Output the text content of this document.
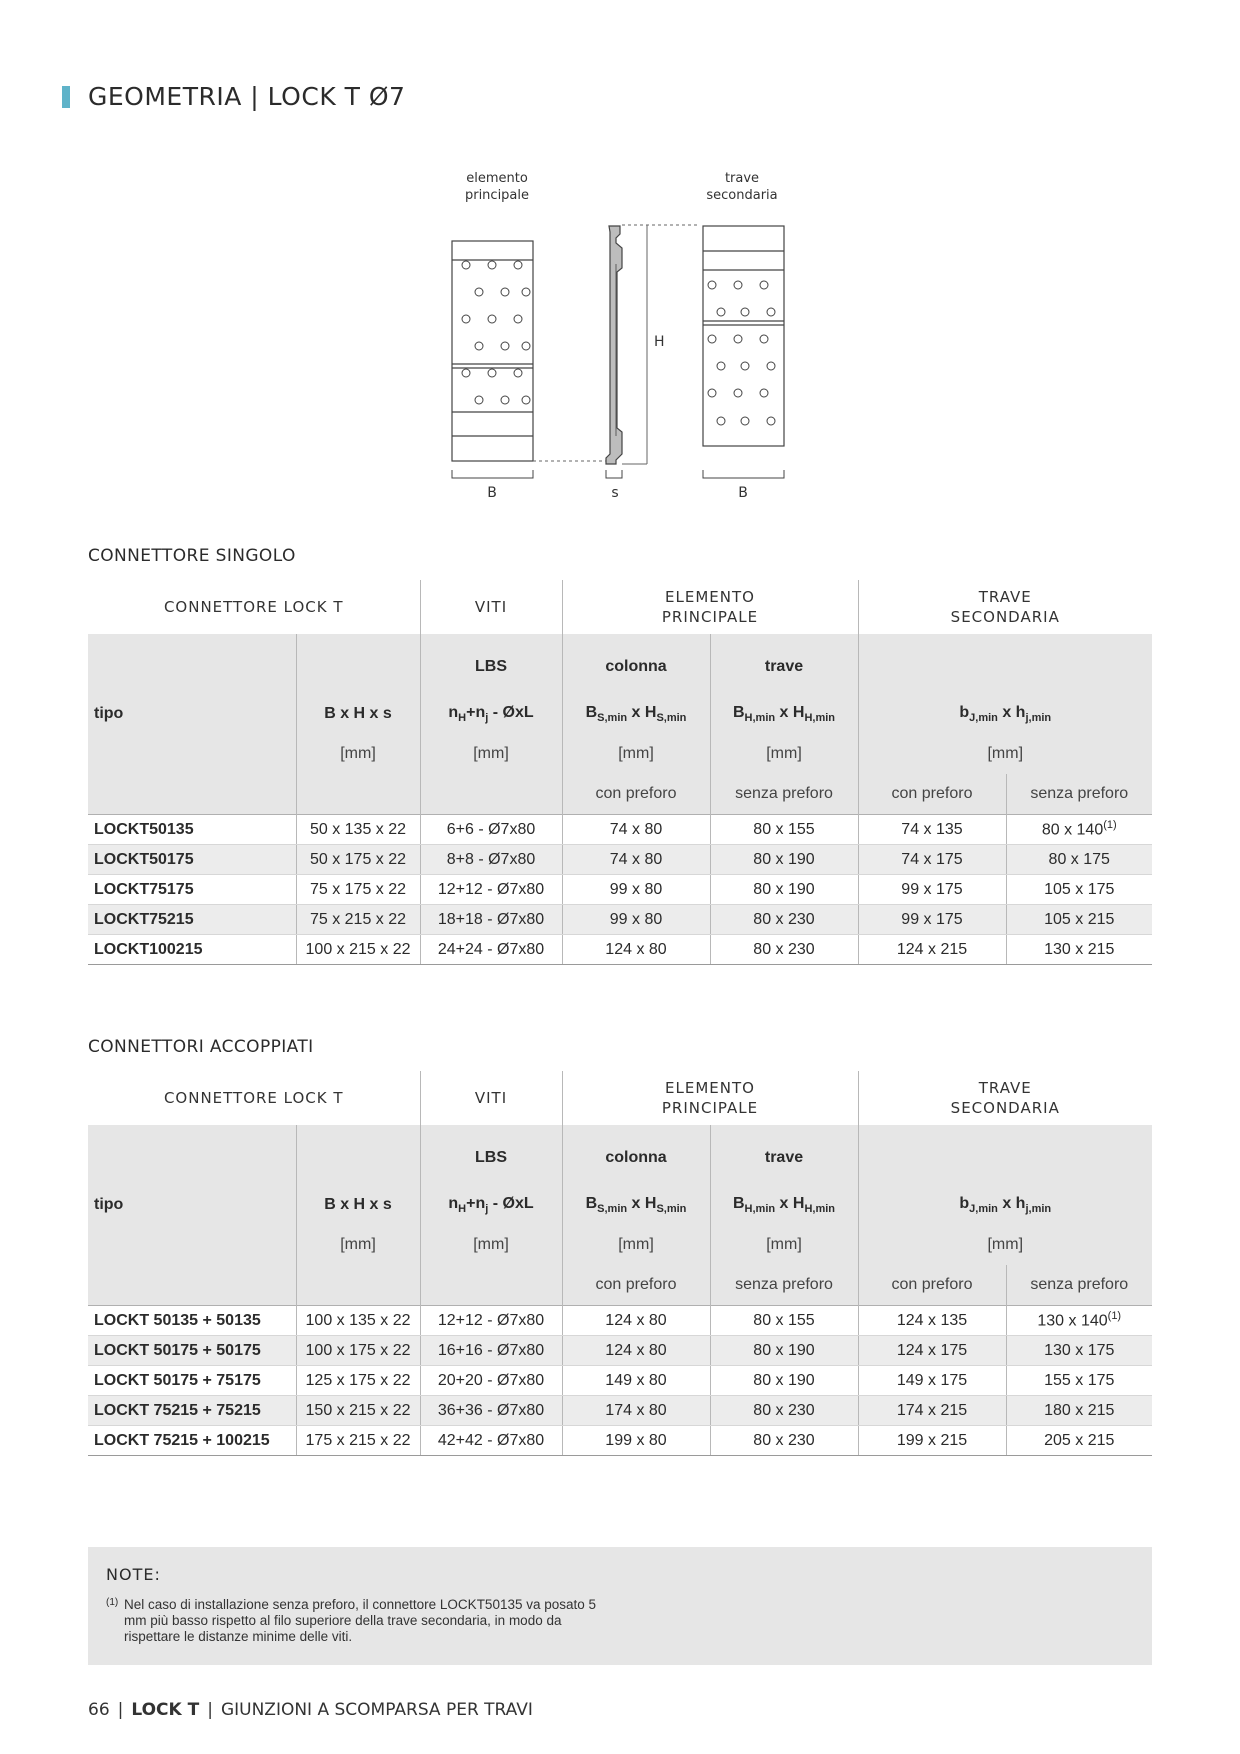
GEOMETRIA | LOCK T Ø7
elemento
principale
trave
secondaria
H
B	s	B
CONNETTORE SINGOLO
CONNETTORE LOCK T		VITI	ELEMENTO
PRINCIPALE		TRAVE
SECONDARIA	
		LBS	colonna	trave		
tipo	B x H x s	$n_H+n_j$ - ØxL	$B_{S,min}$ x $H_{S,min}$	$B_{H,min}$ x $H_{H,min}$	$b_{J,min}$ x $h_{j,min}$
	[mm]	[mm]	[mm]	[mm]	[mm]	
			con preforo	senza preforo	con preforo	senza preforo
LOCKT50135	50 x 135 x 22	6+6 - Ø7x80	74 x 80	80 x 155	74 x 135	80 x 140$^{(1)}$
LOCKT50175	50 x 175 x 22	8+8 - Ø7x80	74 x 80	80 x 190	74 x 175	80 x 175
LOCKT75175	75 x 175 x 22	12+12 - Ø7x80	99 x 80	80 x 190	99 x 175	105 x 175
LOCKT75215	75 x 215 x 22	18+18 - Ø7x80	99 x 80	80 x 230	99 x 175	105 x 215
LOCKT100215	100 x 215 x 22	24+24 - Ø7x80	124 x 80	80 x 230	124 x 215	130 x 215
CONNETTORI ACCOPPIATI
CONNETTORE LOCK T		VITI	ELEMENTO
PRINCIPALE		TRAVE
SECONDARIA	
		LBS	colonna	trave		
tipo	B x H x s	$n_H+n_j$ - ØxL	$B_{S,min}$ x $H_{S,min}$	$B_{H,min}$ x $H_{H,min}$	$b_{J,min}$ x $h_{j,min}$
	[mm]	[mm]	[mm]	[mm]	[mm]	
			con preforo	senza preforo	con preforo	senza preforo
LOCKT 50135 + 50135	100 x 135 x 22	12+12 - Ø7x80	124 x 80	80 x 155	124 x 135	130 x 140$^{(1)}$
LOCKT 50175 + 50175	100 x 175 x 22	16+16 - Ø7x80	124 x 80	80 x 190	124 x 175	130 x 175
LOCKT 50175 + 75175	125 x 175 x 22	20+20 - Ø7x80	149 x 80	80 x 190	149 x 175	155 x 175
LOCKT 75215 + 75215	150 x 215 x 22	36+36 - Ø7x80	174 x 80	80 x 230	174 x 215	180 x 215
LOCKT 75215 + 100215	175 x 215 x 22	42+42 - Ø7x80	199 x 80	80 x 230	199 x 215	205 x 215
NOTE:
(1) Nel caso di installazione senza preforo, il connettore LOCKT50135 va posato 5 mm più basso rispetto al filo superiore della trave secondaria, in modo da rispettare le distanze minime delle viti.
66 | LOCK T | GIUNZIONI A SCOMPARSA PER TRAVI
